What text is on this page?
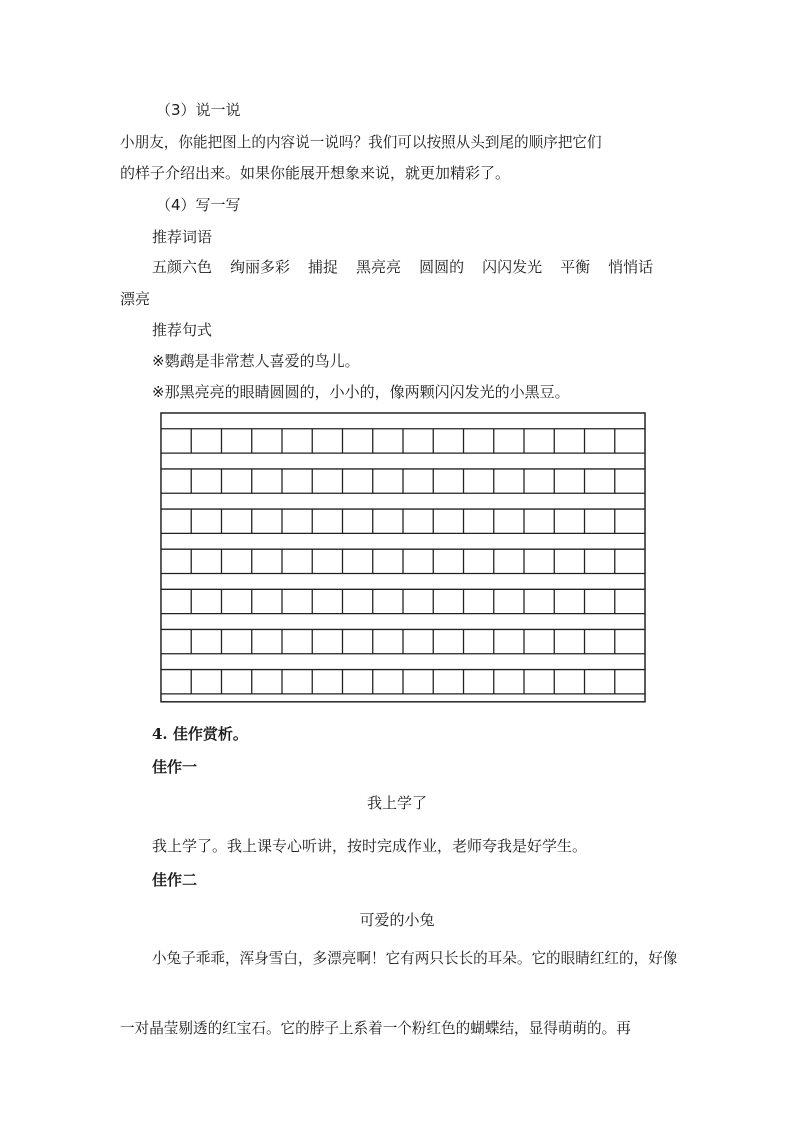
（3）说一说
小朋友，你能把图上的内容说一说吗？我们可以按照从头到尾的顺序把它们
的样子介绍出来。如果你能展开想象来说，就更加精彩了。
（4）写一写
推荐词语
五颜六色 绚丽多彩 捕捉 黑亮亮 圆圆的 闪闪发光 平衡 悄悄话
漂亮
推荐句式
※鹦鹉是非常惹人喜爱的鸟儿。
※那黑亮亮的眼睛圆圆的，小小的，像两颗闪闪发光的小黑豆。
4. 佳作赏析。
佳作一
我上学了
我上学了。我上课专心听讲，按时完成作业，老师夸我是好学生。
佳作二
可爱的小兔
小兔子乖乖，浑身雪白，多漂亮啊！它有两只长长的耳朵。它的眼睛红红的，好像
一对晶莹剔透的红宝石。它的脖子上系着一个粉红色的蝴蝶结，显得萌萌的。再
